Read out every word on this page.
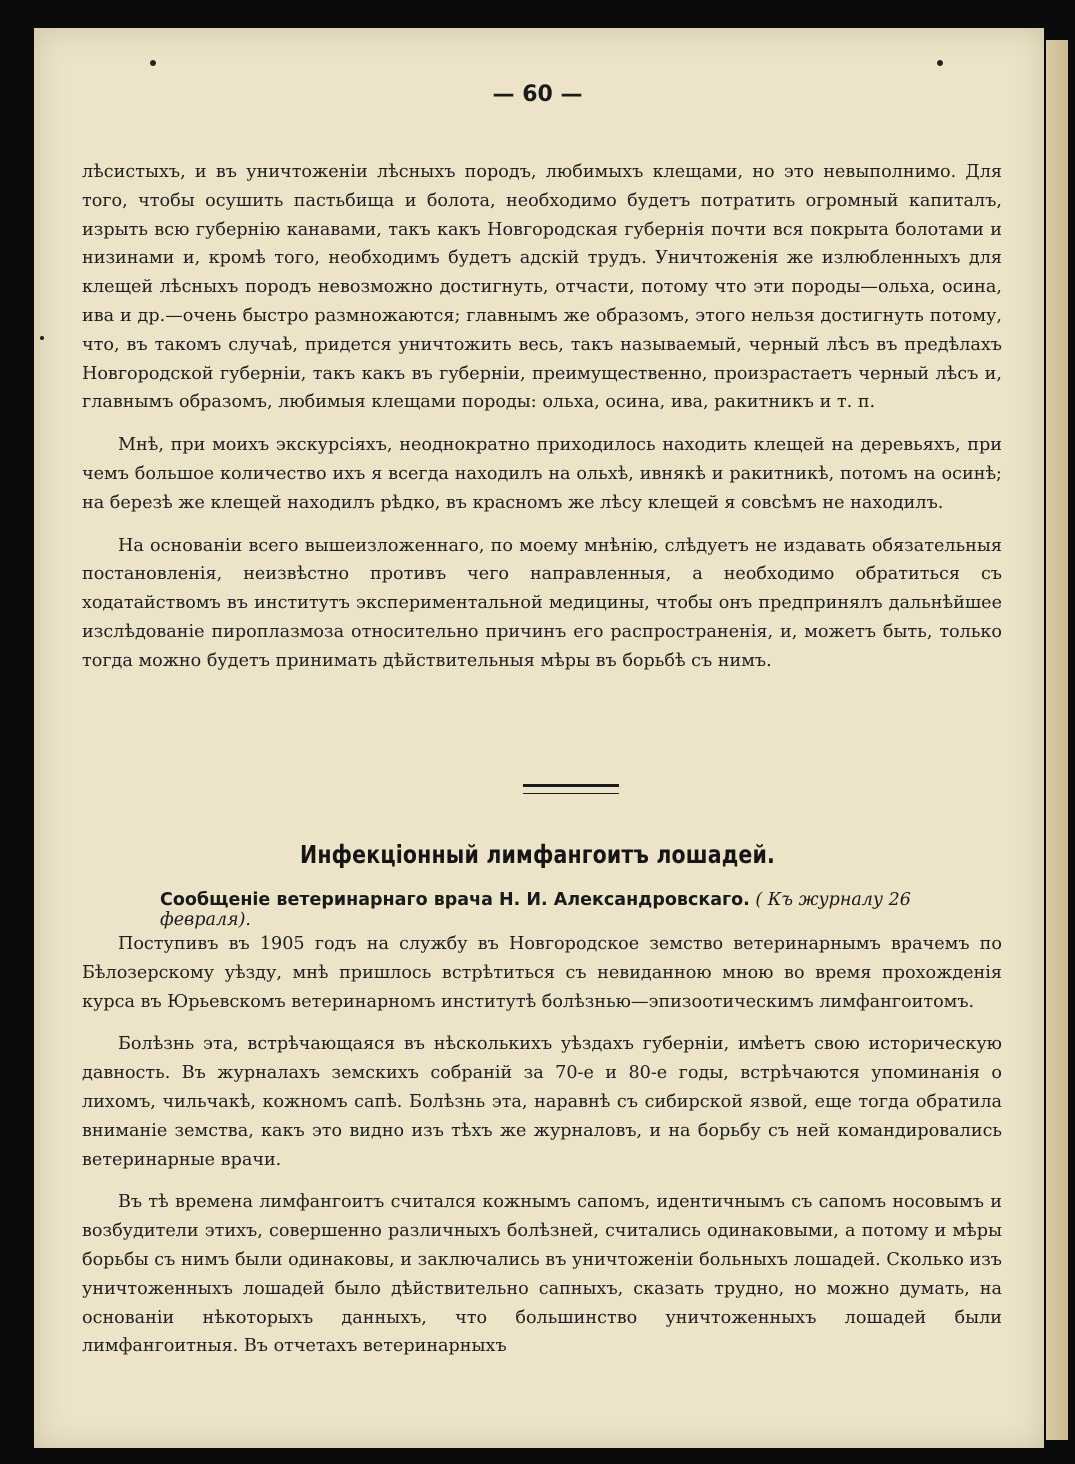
— 60 —

лѣсистыхъ, и въ уничтоженіи лѣсныхъ породъ, любимыхъ клещами, но это невыполнимо. Для того, чтобы осушить пастьбища и болота, необходимо будетъ потратить огромный капиталъ, изрыть всю губернію канавами, такъ какъ Новгородская губернія почти вся покрыта болотами и низинами и, кромѣ того, необходимъ будетъ адскій трудъ. Уничтоженія же излюбленныхъ для клещей лѣсныхъ породъ невозможно достигнуть, отчасти, потому что эти породы—ольха, осина, ива и др.—очень быстро размножаются; главнымъ же образомъ, этого нельзя достигнуть потому, что, въ такомъ случаѣ, придется уничтожить весь, такъ называемый, черный лѣсъ въ предѣлахъ Новгородской губерніи, такъ какъ въ губерніи, преимущественно, произрастаетъ черный лѣсъ и, главнымъ образомъ, любимыя клещами породы: ольха, осина, ива, ракитникъ и т. п.

Мнѣ, при моихъ экскурсіяхъ, неоднократно приходилось находить клещей на деревьяхъ, при чемъ большое количество ихъ я всегда находилъ на ольхѣ, ивнякѣ и ракитникѣ, потомъ на осинѣ; на березѣ же клещей находилъ рѣдко, въ красномъ же лѣсу клещей я совсѣмъ не находилъ.

На основаніи всего вышеизложеннаго, по моему мнѣнію, слѣдуетъ не издавать обязательныя постановленія, неизвѣстно противъ чего направленныя, а необходимо обратиться съ ходатайствомъ въ институтъ экспериментальной медицины, чтобы онъ предпринялъ дальнѣйшее изслѣдованіе пироплазмоза относительно причинъ его распространенія, и, можетъ быть, только тогда можно будетъ принимать дѣйствительныя мѣры въ борьбѣ съ нимъ.

Инфекціонный лимфангоитъ лошадей.
Сообщеніе ветеринарнаго врача Н. И. Александровскаго. ( Къ журналу 26 февраля).

Поступивъ въ 1905 годъ на службу въ Новгородское земство ветеринарнымъ врачемъ по Бѣлозерскому уѣзду, мнѣ пришлось встрѣтиться съ невиданною мною во время прохожденія курса въ Юрьевскомъ ветеринарномъ институтѣ болѣзнью—эпизоотическимъ лимфангоитомъ.

Болѣзнь эта, встрѣчающаяся въ нѣсколькихъ уѣздахъ губерніи, имѣетъ свою историческую давность. Въ журналахъ земскихъ собраній за 70-е и 80-е годы, встрѣчаются упоминанія о лихомъ, чильчакѣ, кожномъ сапѣ. Болѣзнь эта, наравнѣ съ сибирской язвой, еще тогда обратила вниманіе земства, какъ это видно изъ тѣхъ же журналовъ, и на борьбу съ ней командировались ветеринарные врачи.

Въ тѣ времена лимфангоитъ считался кожнымъ сапомъ, идентичнымъ съ сапомъ носовымъ и возбудители этихъ, совершенно различныхъ болѣзней, считались одинаковыми, а потому и мѣры борьбы съ нимъ были одинаковы, и заключались въ уничтоженіи больныхъ лошадей. Сколько изъ уничтоженныхъ лошадей было дѣйствительно сапныхъ, сказать трудно, но можно думать, на основаніи нѣкоторыхъ данныхъ, что большинство уничтоженныхъ лошадей были лимфангоитныя. Въ отчетахъ ветеринарныхъ
